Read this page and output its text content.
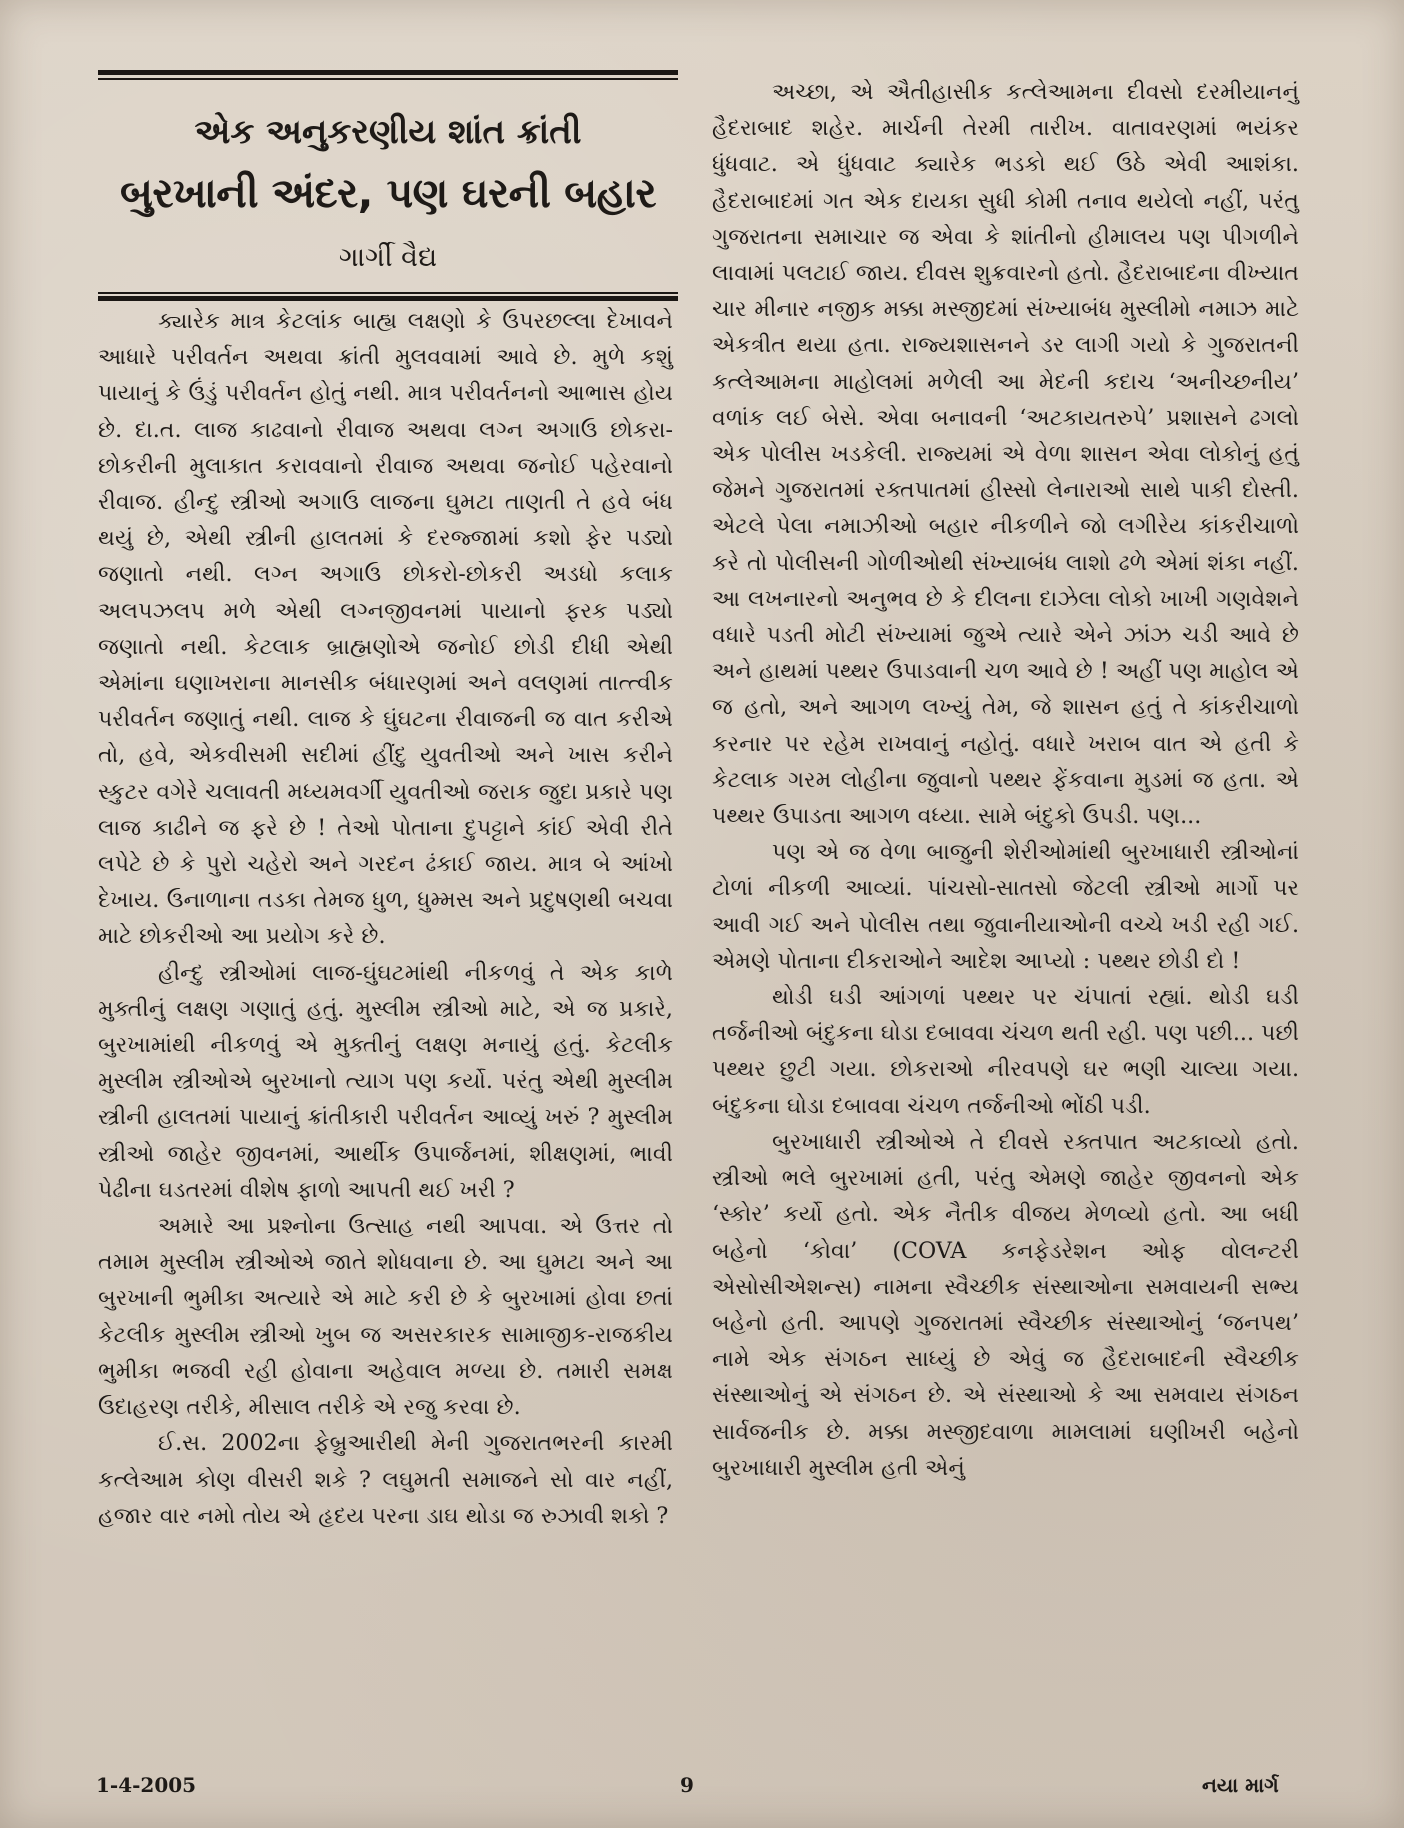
એક અનુકરણીય શાંત ક્રાંતી
બુરખાની અંદર, પણ ઘરની બહાર
ગાર્ગી વૈદ્ય

ક્યારેક માત્ર કેટલાંક બાહ્ય લક્ષણો કે ઉપરછલ્લા દેખાવને આધારે પરીવર્તન અથવા ક્રાંતી મુલવવામાં આવે છે. મુળે કશું પાયાનું કે ઉંડું પરીવર્તન હોતું નથી. માત્ર પરીવર્તનનો આભાસ હોય છે. દા.ત. લાજ કાઢવાનો રીવાજ અથવા લગ્ન અગાઉ છોકરા-છોકરીની મુલાકાત કરાવવાનો રીવાજ અથવા જનોઈ પહેરવાનો રીવાજ. હીન્દુ સ્ત્રીઓ અગાઉ લાજના ઘુમટા તાણતી તે હવે બંધ થયું છે, એથી સ્ત્રીની હાલતમાં કે દરજ્જામાં કશો ફેર પડ્યો જણાતો નથી. લગ્ન અગાઉ છોકરો-છોકરી અડધો કલાક અલપઝલપ મળે એથી લગ્નજીવનમાં પાયાનો ફરક પડ્યો જણાતો નથી. કેટલાક બ્રાહ્મણોએ જનોઈ છોડી દીધી એથી એમાંના ઘણાખરાના માનસીક બંધારણમાં અને વલણમાં તાત્ત્વીક પરીવર્તન જણાતું નથી. લાજ કે ઘુંઘટના રીવાજની જ વાત કરીએ તો, હવે, એકવીસમી સદીમાં હીંદુ યુવતીઓ અને ખાસ કરીને સ્કુટર વગેરે ચલાવતી મધ્યમવર્ગી યુવતીઓ જરાક જુદા પ્રકારે પણ લાજ કાઢીને જ ફરે છે ! તેઓ પોતાના દુપટ્ટાને કાંઈ એવી રીતે લપેટે છે કે પુરો ચહેરો અને ગરદન ઢંકાઈ જાય. માત્ર બે આંખો દેખાય. ઉનાળાના તડકા તેમજ ધુળ, ધુમ્મસ અને પ્રદુષણથી બચવા માટે છોકરીઓ આ પ્રયોગ કરે છે.

હીન્દુ સ્ત્રીઓમાં લાજ-ઘુંઘટમાંથી નીકળવું તે એક કાળે મુક્તીનું લક્ષણ ગણાતું હતું. મુસ્લીમ સ્ત્રીઓ માટે, એ જ પ્રકારે, બુરખામાંથી નીકળવું એ મુક્તીનું લક્ષણ મનાયું હતું. કેટલીક મુસ્લીમ સ્ત્રીઓએ બુરખાનો ત્યાગ પણ કર્યો. પરંતુ એથી મુસ્લીમ સ્ત્રીની હાલતમાં પાયાનું ક્રાંતીકારી પરીવર્તન આવ્યું ખરું ? મુસ્લીમ સ્ત્રીઓ જાહેર જીવનમાં, આર્થીક ઉપાર્જનમાં, શીક્ષણમાં, ભાવી પેઢીના ઘડતરમાં વીશેષ ફાળો આપતી થઈ ખરી ?

અમારે આ પ્રશ્નોના ઉત્સાહ નથી આપવા. એ ઉત્તર તો તમામ મુસ્લીમ સ્ત્રીઓએ જાતે શોધવાના છે. આ ઘુમટા અને આ બુરખાની ભુમીકા અત્યારે એ માટે કરી છે કે બુરખામાં હોવા છતાં કેટલીક મુસ્લીમ સ્ત્રીઓ ખુબ જ અસરકારક સામાજીક-રાજકીય ભુમીકા ભજવી રહી હોવાના અહેવાલ મળ્યા છે. તમારી સમક્ષ ઉદાહરણ તરીકે, મીસાલ તરીકે એ રજુ કરવા છે.

ઈ.સ. 2002ના ફેબ્રુઆરીથી મેની ગુજરાતભરની કારમી કત્લેઆમ કોણ વીસરી શકે ? લઘુમતી સમાજને સો વાર નહીં, હજાર વાર નમો તોય એ હૃદય પરના ડાઘ થોડા જ રુઝાવી શકો ?

અચ્છા, એ ઐતીહાસીક કત્લેઆમના દીવસો દરમીયાનનું હૈદરાબાદ શહેર. માર્ચની તેરમી તારીખ. વાતાવરણમાં ભયંકર ધુંધવાટ. એ ધુંધવાટ ક્યારેક ભડકો થઈ ઉઠે એવી આશંકા. હૈદરાબાદમાં ગત એક દાયકા સુધી કોમી તનાવ થયેલો નહીં, પરંતુ ગુજરાતના સમાચાર જ એવા કે શાંતીનો હીમાલય પણ પીગળીને લાવામાં પલટાઈ જાય. દીવસ શુક્રવારનો હતો. હૈદરાબાદના વીખ્યાત ચાર મીનાર નજીક મક્કા મસ્જીદમાં સંખ્યાબંધ મુસ્લીમો નમાઝ માટે એકત્રીત થયા હતા. રાજ્યશાસનને ડર લાગી ગયો કે ગુજરાતની કત્લેઆમના માહોલમાં મળેલી આ મેદની કદાચ ‘અનીચ્છનીય’ વળાંક લઈ બેસે. એવા બનાવની ‘અટકાયતરુપે’ પ્રશાસને ઢગલો એક પોલીસ ખડકેલી. રાજ્યમાં એ વેળા શાસન એવા લોકોનું હતું જેમને ગુજરાતમાં રક્તપાતમાં હીસ્સો લેનારાઓ સાથે પાકી દોસ્તી. એટલે પેલા નમાઝીઓ બહાર નીકળીને જો લગીરેય કાંકરીચાળો કરે તો પોલીસની ગોળીઓથી સંખ્યાબંધ લાશો ઢળે એમાં શંકા નહીં. આ લખનારનો અનુભવ છે કે દીલના દાઝેલા લોકો ખાખી ગણવેશને વધારે પડતી મોટી સંખ્યામાં જુએ ત્યારે એને ઝાંઝ ચડી આવે છે અને હાથમાં પથ્થર ઉપાડવાની ચળ આવે છે ! અહીં પણ માહોલ એ જ હતો, અને આગળ લખ્યું તેમ, જે શાસન હતું તે કાંકરીચાળો કરનાર પર રહેમ રાખવાનું નહોતું. વધારે ખરાબ વાત એ હતી કે કેટલાક ગરમ લોહીના જુવાનો પથ્થર ફેંકવાના મુડમાં જ હતા. એ પથ્થર ઉપાડતા આગળ વધ્યા. સામે બંદુકો ઉપડી. પણ...

પણ એ જ વેળા બાજુની શેરીઓમાંથી બુરખાધારી સ્ત્રીઓનાં ટોળાં નીકળી આવ્યાં. પાંચસો-સાતસો જેટલી સ્ત્રીઓ માર્ગો પર આવી ગઈ અને પોલીસ તથા જુવાનીયાઓની વચ્ચે ખડી રહી ગઈ. એમણે પોતાના દીકરાઓને આદેશ આપ્યો : પથ્થર છોડી દો !

થોડી ઘડી આંગળાં પથ્થર પર ચંપાતાં રહ્યાં. થોડી ઘડી તર્જનીઓ બંદુકના ઘોડા દબાવવા ચંચળ થતી રહી. પણ પછી... પછી પથ્થર છુટી ગયા. છોકરાઓ નીરવપણે ઘર ભણી ચાલ્યા ગયા. બંદુકના ઘોડા દબાવવા ચંચળ તર્જનીઓ ભોંઠી પડી.

બુરખાધારી સ્ત્રીઓએ તે દીવસે રક્તપાત અટકાવ્યો હતો. સ્ત્રીઓ ભલે બુરખામાં હતી, પરંતુ એમણે જાહેર જીવનનો એક ‘સ્કોર’ કર્યો હતો. એક નૈતીક વીજય મેળવ્યો હતો. આ બધી બહેનો ‘કોવા’ (COVA કનફેડરેશન ઓફ વોલન્ટરી એસોસીએશન્સ) નામના સ્વૈચ્છીક સંસ્થાઓના સમવાયની સભ્ય બહેનો હતી. આપણે ગુજરાતમાં સ્વૈચ્છીક સંસ્થાઓનું ‘જનપથ’ નામે એક સંગઠન સાધ્યું છે એવું જ હૈદરાબાદની સ્વૈચ્છીક સંસ્થાઓનું એ સંગઠન છે. એ સંસ્થાઓ કે આ સમવાય સંગઠન સાર્વજનીક છે. મક્કા મસ્જીદવાળા મામલામાં ઘણીખરી બહેનો બુરખાધારી મુસ્લીમ હતી એનું

1-4-2005	9	નયા માર્ગ
